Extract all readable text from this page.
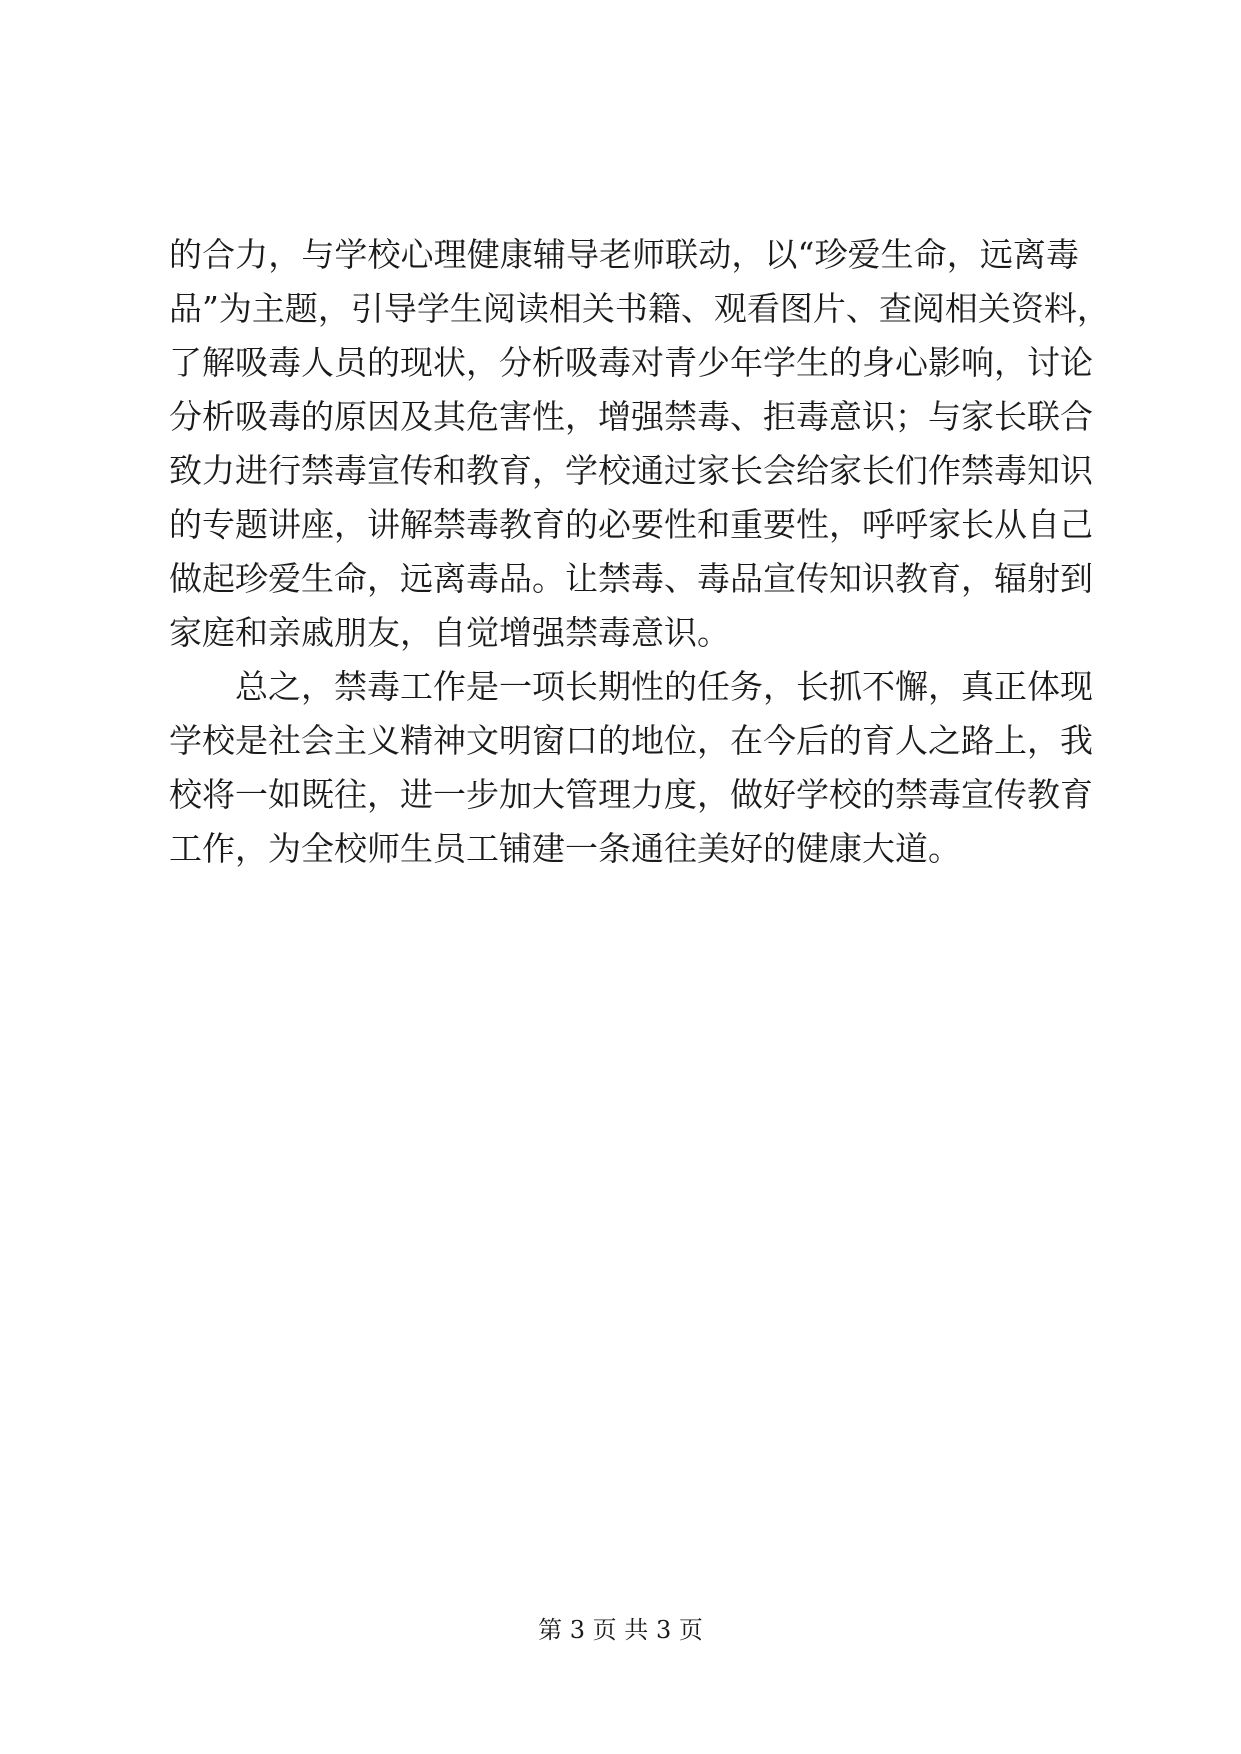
的合力，与学校心理健康辅导老师联动，以“珍爱生命，远离毒
品”为主题，引导学生阅读相关书籍、观看图片、查阅相关资料，
了解吸毒人员的现状，分析吸毒对青少年学生的身心影响，讨论
分析吸毒的原因及其危害性，增强禁毒、拒毒意识；与家长联合
致力进行禁毒宣传和教育，学校通过家长会给家长们作禁毒知识
的专题讲座，讲解禁毒教育的必要性和重要性，呼呼家长从自己
做起珍爱生命，远离毒品。让禁毒、毒品宣传知识教育，辐射到
家庭和亲戚朋友，自觉增强禁毒意识。
　　总之，禁毒工作是一项长期性的任务，长抓不懈，真正体现
学校是社会主义精神文明窗口的地位，在今后的育人之路上，我
校将一如既往，进一步加大管理力度，做好学校的禁毒宣传教育
工作，为全校师生员工铺建一条通往美好的健康大道。
第 3 页 共 3 页
